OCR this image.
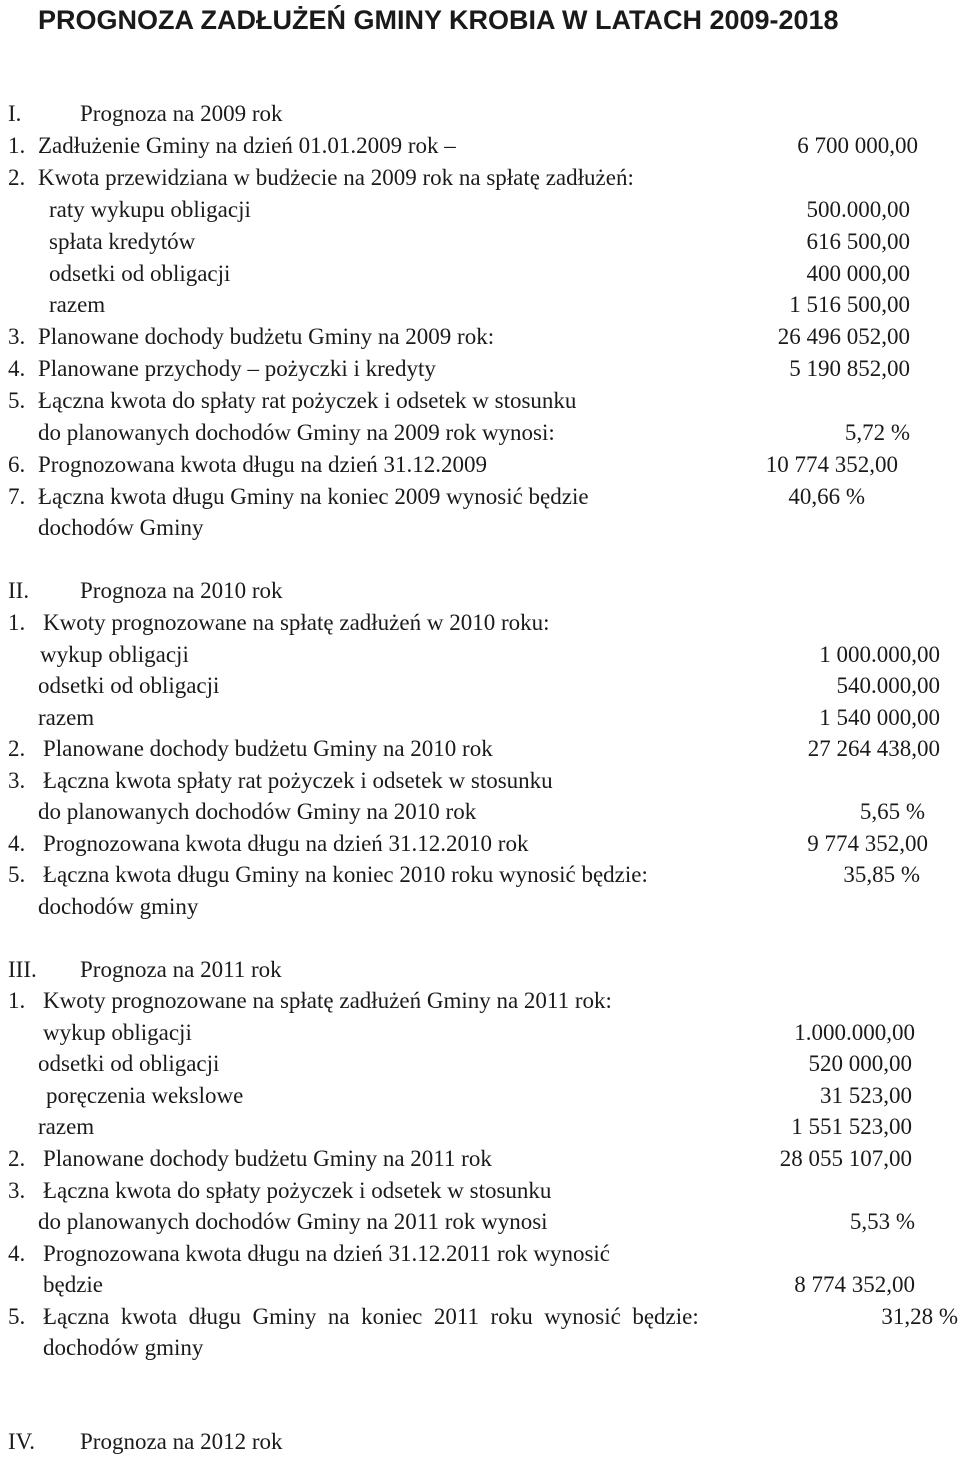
PROGNOZA ZADŁUŻEŃ GMINY KROBIA W LATACH 2009-2018
I.	Prognoza na 2009 rok
1. Zadłużenie Gminy na dzień 01.01.2009 rok –	6 700 000,00
2. Kwota przewidziana w budżecie na 2009 rok na spłatę zadłużeń:
raty wykupu obligacji	500.000,00
spłata kredytów	616 500,00
odsetki od obligacji	400 000,00
razem	1 516 500,00
3. Planowane dochody budżetu Gminy na 2009 rok:	26 496 052,00
4. Planowane przychody – pożyczki i kredyty	5 190 852,00
5. Łączna kwota do spłaty rat pożyczek i odsetek w stosunku
do planowanych dochodów Gminy na 2009 rok wynosi:	5,72 %
6. Prognozowana kwota długu na dzień 31.12.2009	10 774 352,00
7. Łączna kwota długu Gminy na koniec 2009 wynosić będzie	40,66 %
dochodów Gminy
II. Prognoza na 2010 rok
1. Kwoty prognozowane na spłatę zadłużeń w 2010 roku:
wykup obligacji	1 000.000,00
odsetki od obligacji	540.000,00
razem	1 540 000,00
2. Planowane dochody budżetu Gminy na 2010 rok	27 264 438,00
3. Łączna kwota spłaty rat pożyczek i odsetek w stosunku
do planowanych dochodów Gminy na 2010 rok	5,65 %
4. Prognozowana kwota długu na dzień 31.12.2010 rok	9 774 352,00
5. Łączna kwota długu Gminy na koniec 2010 roku wynosić będzie:	35,85 %
dochodów gminy
III. Prognoza na 2011 rok
1. Kwoty prognozowane na spłatę zadłużeń Gminy na 2011 rok:
wykup obligacji	1.000.000,00
odsetki od obligacji	520 000,00
poręczenia wekslowe	31 523,00
razem	1 551 523,00
2. Planowane dochody budżetu Gminy na 2011 rok	28 055 107,00
3. Łączna kwota do spłaty pożyczek i odsetek w stosunku
do planowanych dochodów Gminy na 2011 rok wynosi	5,53 %
4. Prognozowana kwota długu na dzień 31.12.2011 rok wynosić
będzie	8 774 352,00
5. Łączna  kwota  długu  Gminy  na  koniec  2011  roku  wynosić  będzie:	31,28 %
dochodów gminy
IV. Prognoza na 2012 rok
